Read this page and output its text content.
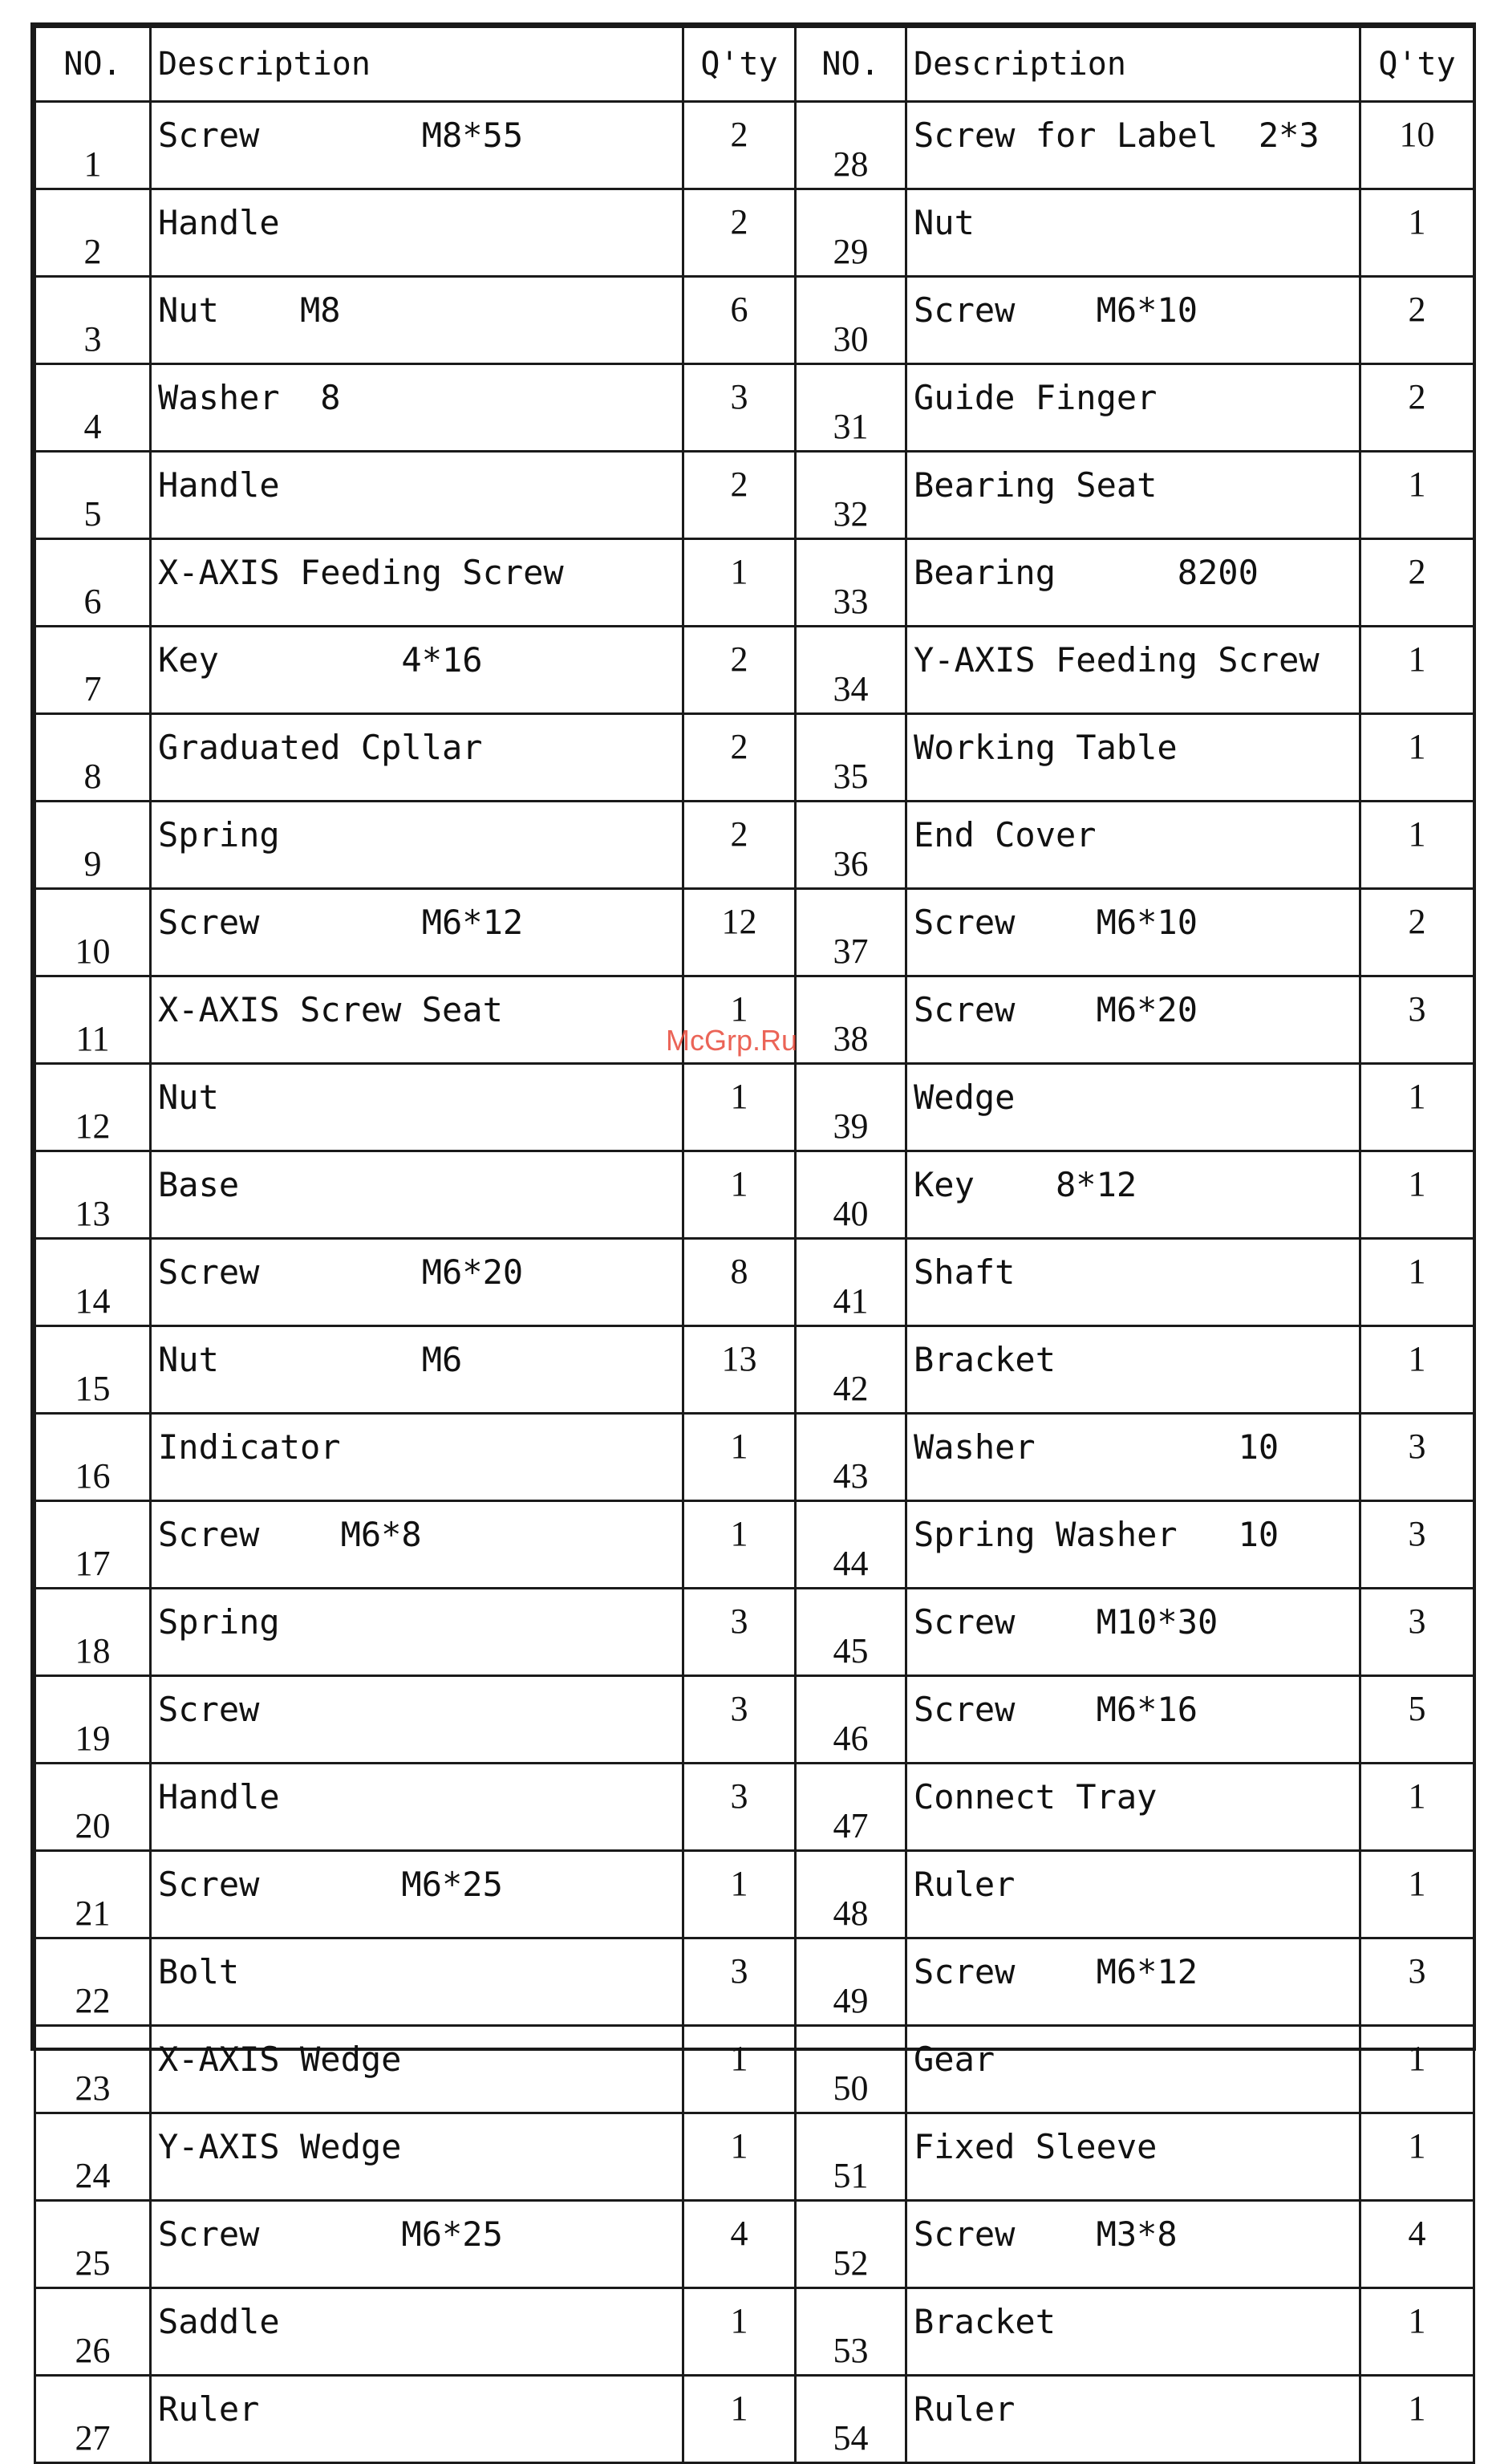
NO.	Description	Q'ty	NO.	Description	Q'ty
1	Screw        M8*55	2	28	Screw for Label  2*3	10
2	Handle	2	29	Nut	1
3	Nut    M8	6	30	Screw    M6*10	2
4	Washer  8	3	31	Guide Finger	2
5	Handle	2	32	Bearing Seat	1
6	X-AXIS Feeding Screw	1	33	Bearing      8200	2
7	Key         4*16	2	34	Y-AXIS Feeding Screw	1
8	Graduated Cpllar	2	35	Working Table	1
9	Spring	2	36	End Cover	1
10	Screw        M6*12	12	37	Screw    M6*10	2
11	X-AXIS Screw Seat	1	38	Screw    M6*20	3
12	Nut	1	39	Wedge	1
13	Base	1	40	Key    8*12	1
14	Screw        M6*20	8	41	Shaft	1
15	Nut          M6	13	42	Bracket	1
16	Indicator	1	43	Washer          10	3
17	Screw    M6*8	1	44	Spring Washer   10	3
18	Spring	3	45	Screw    M10*30	3
19	Screw	3	46	Screw    M6*16	5
20	Handle	3	47	Connect Tray	1
21	Screw       M6*25	1	48	Ruler	1
22	Bolt	3	49	Screw    M6*12	3
23	X-AXIS Wedge	1	50	Gear	1
24	Y-AXIS Wedge	1	51	Fixed Sleeve	1
25	Screw       M6*25	4	52	Screw    M3*8	4
26	Saddle	1	53	Bracket	1
27	Ruler	1	54	Ruler	1
McGrp.Ru
